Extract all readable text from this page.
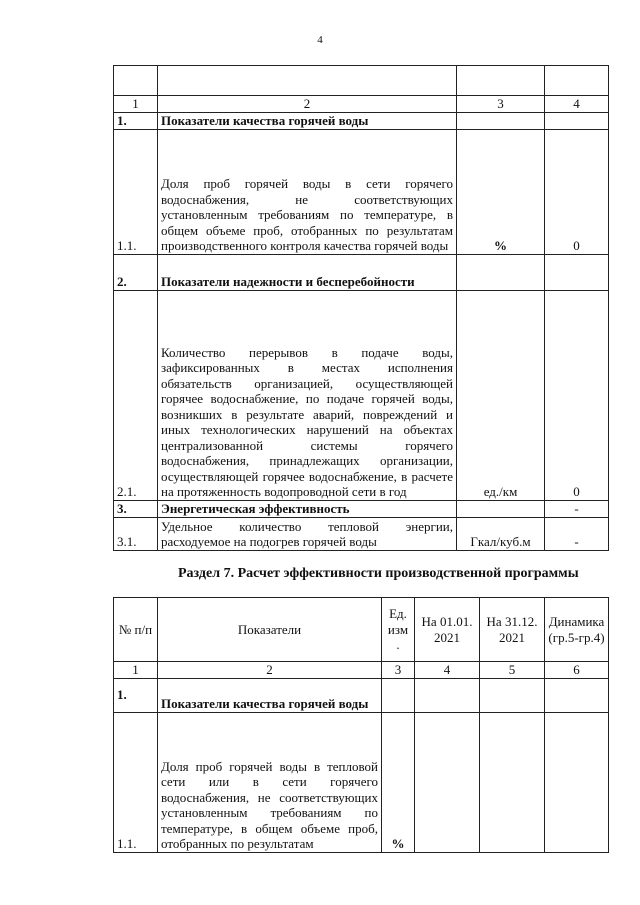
4

1	2	3	4
1.	Показатели качества горячей воды		
1.1.	Доля проб горячей воды в сети горячего водоснабжения, не соответствующих установленным требованиям по температуре, в общем объеме проб, отобранных по результатам производственного контроля качества горячей воды	%	0
2.	Показатели надежности и бесперебойности		
2.1.	Количество перерывов в подаче воды, зафиксированных в местах исполнения обязательств организацией, осуществляющей горячее водоснабжение, по подаче горячей воды, возникших в результате аварий, повреждений и иных технологических нарушений на объектах централизованной системы горячего водоснабжения, принадлежащих организации, осуществляющей горячее водоснабжение, в расчете на протяженность водопроводной сети в год	ед./км	0
3.	Энергетическая эффективность		-
3.1.	Удельное количество тепловой энергии, расходуемое на подогрев горячей воды	Гкал/куб.м	-
Раздел 7. Расчет эффективности производственной программы
№ п/п	Показатели	Ед. изм .	На 01.01. 2021	На 31.12. 2021	Динамика (гр.5-гр.4)
1	2	3	4	5	6
1.	Показатели качества горячей воды				
1.1.	Доля проб горячей воды в тепловой сети или в сети горячего водоснабжения, не соответствующих установленным требованиям по температуре, в общем объеме проб, отобранных по результатам	%			
